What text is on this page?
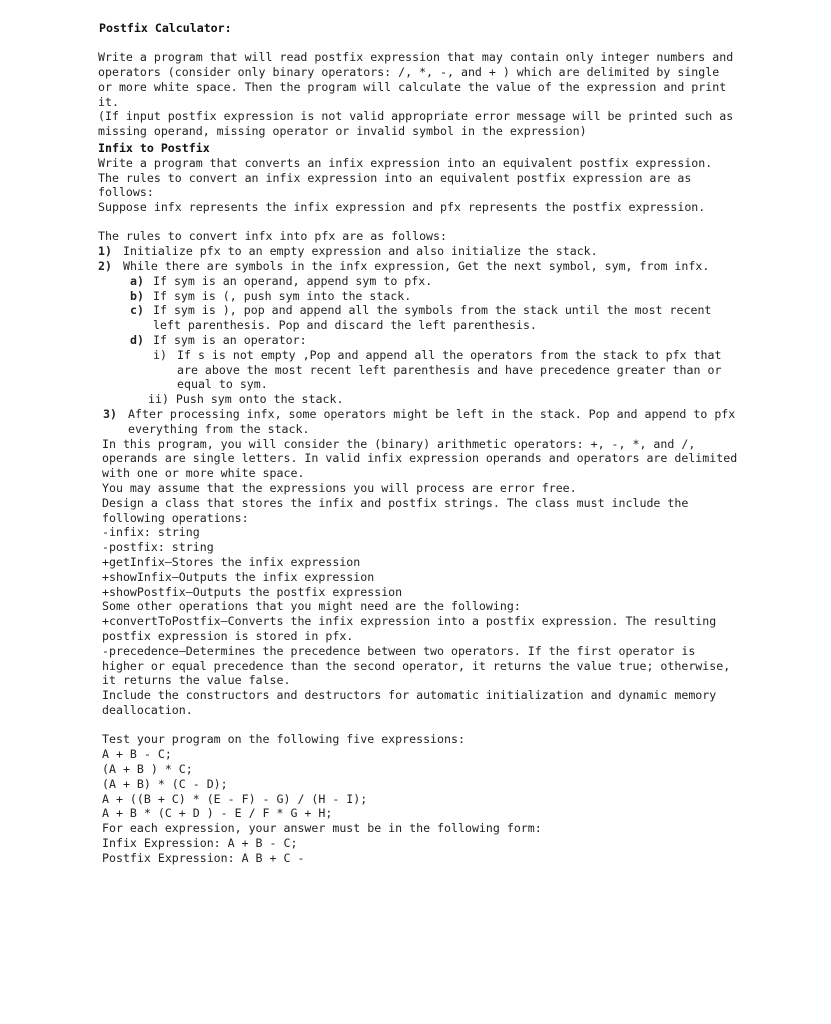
Postfix Calculator:
Write a program that will read postfix expression that may contain only integer numbers and
operators (consider only binary operators: /, *, -, and + ) which are delimited by single
or more white space. Then the program will calculate the value of the expression and print
it.
(If input postfix expression is not valid appropriate error message will be printed such as
missing operand, missing operator or invalid symbol in the expression)
Infix to Postfix
Write a program that converts an infix expression into an equivalent postfix expression.
The rules to convert an infix expression into an equivalent postfix expression are as
follows:
Suppose infx represents the infix expression and pfx represents the postfix expression.
The rules to convert infx into pfx are as follows:
1) Initialize pfx to an empty expression and also initialize the stack.
2) While there are symbols in the infx expression, Get the next symbol, sym, from infx.
a) If sym is an operand, append sym to pfx.
b) If sym is (, push sym into the stack.
c) If sym is ), pop and append all the symbols from the stack until the most recent
left parenthesis. Pop and discard the left parenthesis.
d) If sym is an operator:
i) If s is not empty ,Pop and append all the operators from the stack to pfx that
are above the most recent left parenthesis and have precedence greater than or
equal to sym.
ii) Push sym onto the stack.
3) After processing infx, some operators might be left in the stack. Pop and append to pfx
everything from the stack.
In this program, you will consider the (binary) arithmetic operators: +, -, *, and /,
operands are single letters. In valid infix expression operands and operators are delimited
with one or more white space.
You may assume that the expressions you will process are error free.
Design a class that stores the infix and postfix strings. The class must include the
following operations:
-infix: string
-postfix: string
+getInfix–Stores the infix expression
+showInfix–Outputs the infix expression
+showPostfix–Outputs the postfix expression
Some other operations that you might need are the following:
+convertToPostfix–Converts the infix expression into a postfix expression. The resulting
postfix expression is stored in pfx.
-precedence–Determines the precedence between two operators. If the first operator is
higher or equal precedence than the second operator, it returns the value true; otherwise,
it returns the value false.
Include the constructors and destructors for automatic initialization and dynamic memory
deallocation.
Test your program on the following five expressions:
A + B - C;
(A + B ) * C;
(A + B) * (C - D);
A + ((B + C) * (E - F) - G) / (H - I);
A + B * (C + D ) - E / F * G + H;
For each expression, your answer must be in the following form:
Infix Expression: A + B - C;
Postfix Expression: A B + C -
